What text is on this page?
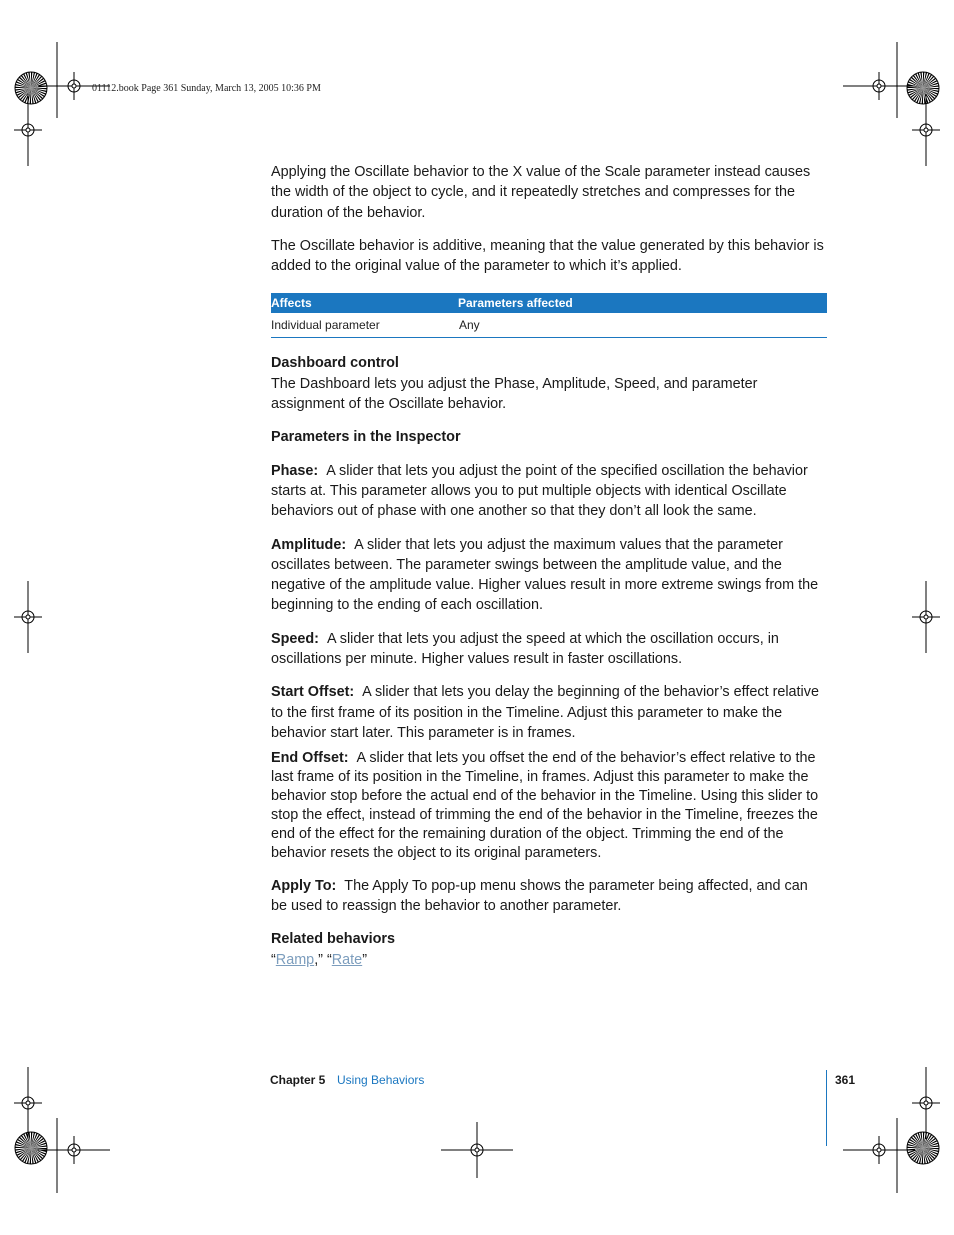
01112.book Page 361 Sunday, March 13, 2005 10:36 PM

Applying the Oscillate behavior to the X value of the Scale parameter instead causes the width of the object to cycle, and it repeatedly stretches and compresses for the duration of the behavior.

The Oscillate behavior is additive, meaning that the value generated by this behavior is added to the original value of the parameter to which it’s applied.

Affects	Parameters affected
Individual parameter	Any

Dashboard control

The Dashboard lets you adjust the Phase, Amplitude, Speed, and parameter assignment of the Oscillate behavior.

Parameters in the Inspector

Phase: A slider that lets you adjust the point of the specified oscillation the behavior starts at. This parameter allows you to put multiple objects with identical Oscillate behaviors out of phase with one another so that they don’t all look the same.

Amplitude: A slider that lets you adjust the maximum values that the parameter oscillates between. The parameter swings between the amplitude value, and the negative of the amplitude value. Higher values result in more extreme swings from the beginning to the ending of each oscillation.

Speed: A slider that lets you adjust the speed at which the oscillation occurs, in oscillations per minute. Higher values result in faster oscillations.

Start Offset: A slider that lets you delay the beginning of the behavior’s effect relative to the first frame of its position in the Timeline. Adjust this parameter to make the behavior start later. This parameter is in frames.

End Offset: A slider that lets you offset the end of the behavior’s effect relative to the last frame of its position in the Timeline, in frames. Adjust this parameter to make the behavior stop before the actual end of the behavior in the Timeline. Using this slider to stop the effect, instead of trimming the end of the behavior in the Timeline, freezes the end of the effect for the remaining duration of the object. Trimming the end of the behavior resets the object to its original parameters.

Apply To: The Apply To pop-up menu shows the parameter being affected, and can be used to reassign the behavior to another parameter.

Related behaviors

“Ramp,” “Rate”

Chapter 5 Using Behaviors	361
